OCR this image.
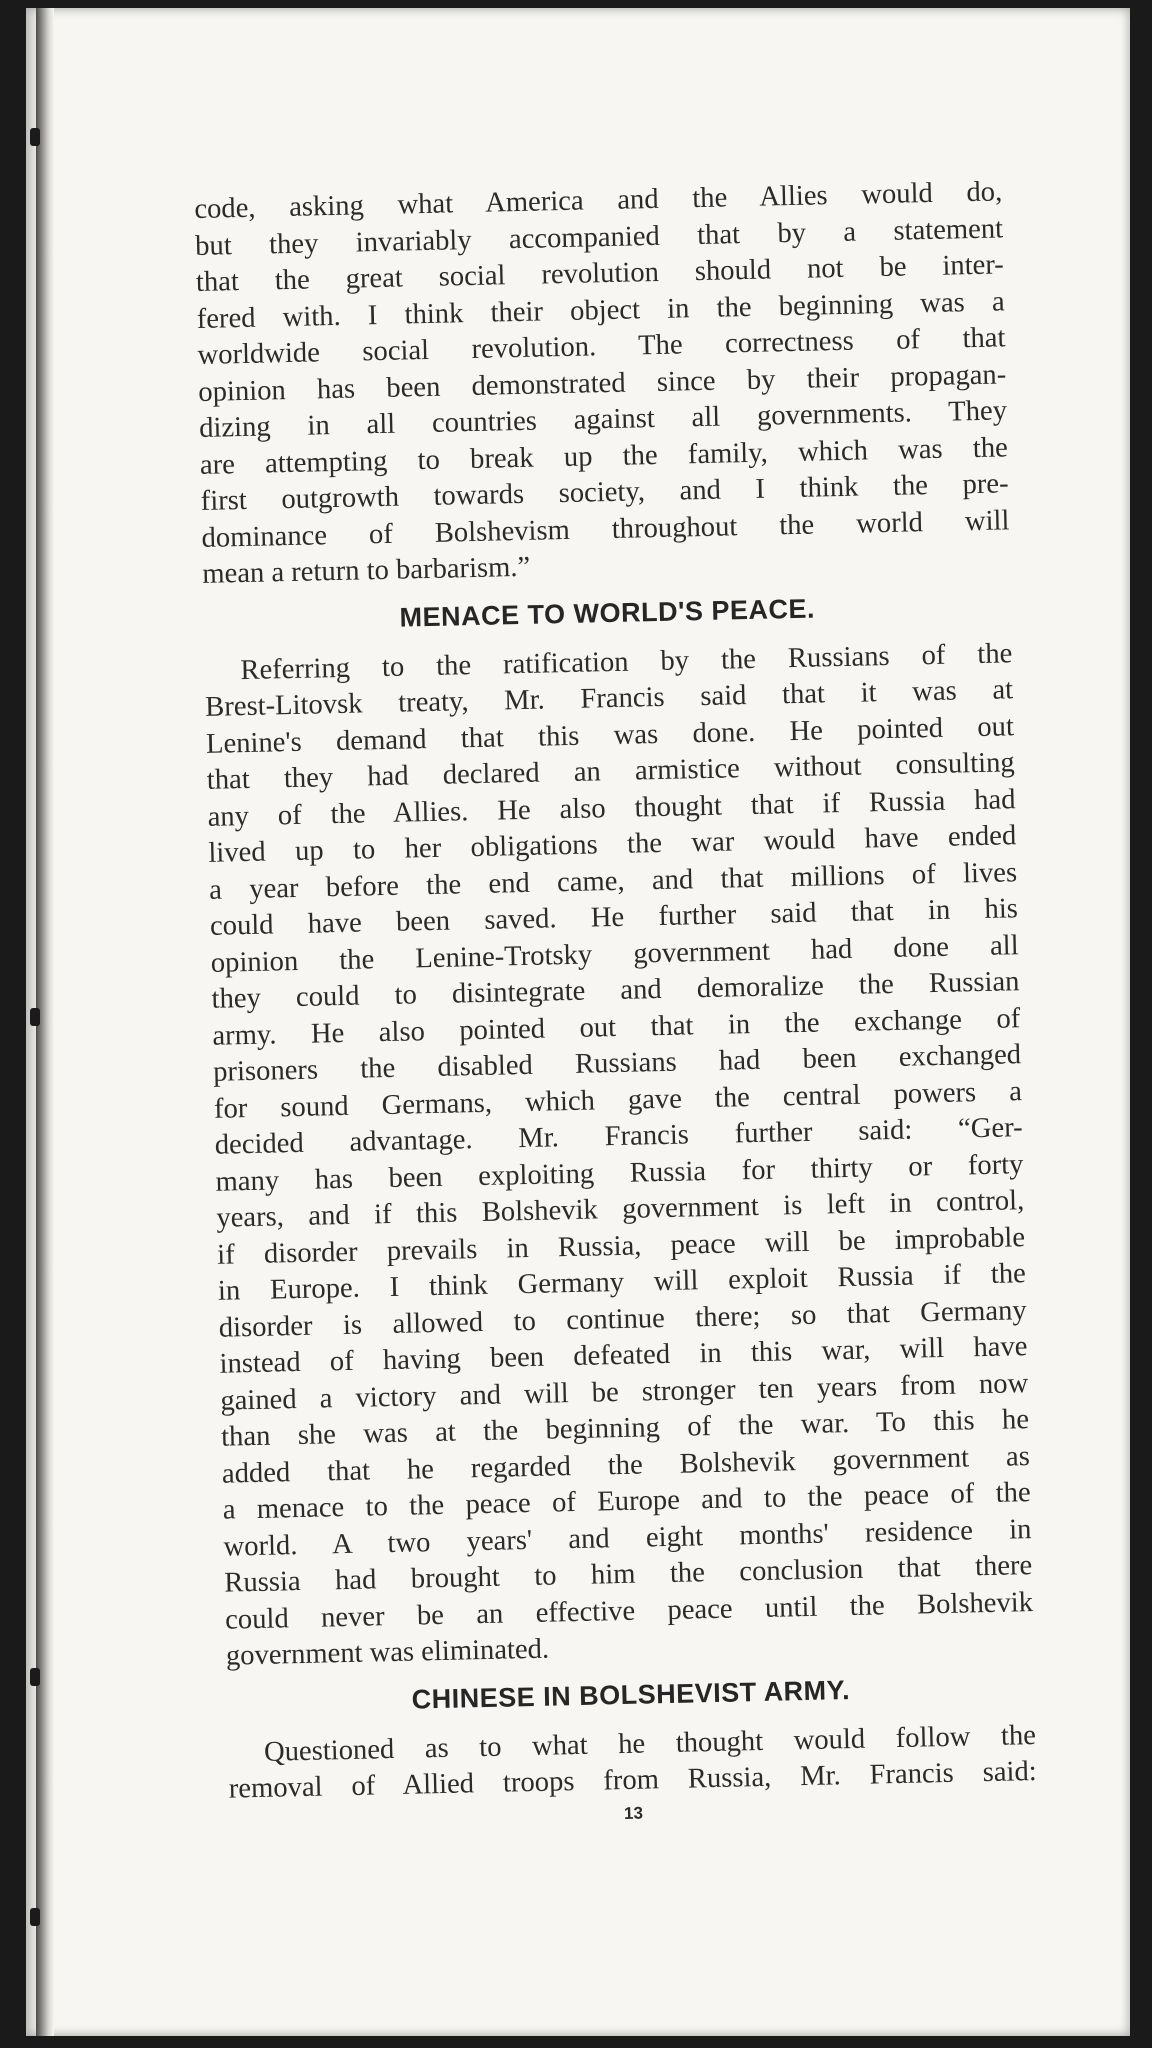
code, asking what America and the Allies would do,
but they invariably accompanied that by a statement
that the great social revolution should not be inter-
fered with. I think their object in the beginning was a
worldwide social revolution. The correctness of that
opinion has been demonstrated since by their propagan-
dizing in all countries against all governments. They
are attempting to break up the family, which was the
first outgrowth towards society, and I think the pre-
dominance of Bolshevism throughout the world will
mean a return to barbarism.”
MENACE TO WORLD'S PEACE.
Referring to the ratification by the Russians of the
Brest-Litovsk treaty, Mr. Francis said that it was at
Lenine's demand that this was done. He pointed out
that they had declared an armistice without consulting
any of the Allies. He also thought that if Russia had
lived up to her obligations the war would have ended
a year before the end came, and that millions of lives
could have been saved. He further said that in his
opinion the Lenine-Trotsky government had done all
they could to disintegrate and demoralize the Russian
army. He also pointed out that in the exchange of
prisoners the disabled Russians had been exchanged
for sound Germans, which gave the central powers a
decided advantage. Mr. Francis further said: “Ger-
many has been exploiting Russia for thirty or forty
years, and if this Bolshevik government is left in control,
if disorder prevails in Russia, peace will be improbable
in Europe. I think Germany will exploit Russia if the
disorder is allowed to continue there; so that Germany
instead of having been defeated in this war, will have
gained a victory and will be stronger ten years from now
than she was at the beginning of the war. To this he
added that he regarded the Bolshevik government as
a menace to the peace of Europe and to the peace of the
world. A two years' and eight months' residence in
Russia had brought to him the conclusion that there
could never be an effective peace until the Bolshevik
government was eliminated.
CHINESE IN BOLSHEVIST ARMY.
Questioned as to what he thought would follow the
removal of Allied troops from Russia, Mr. Francis said:
13
